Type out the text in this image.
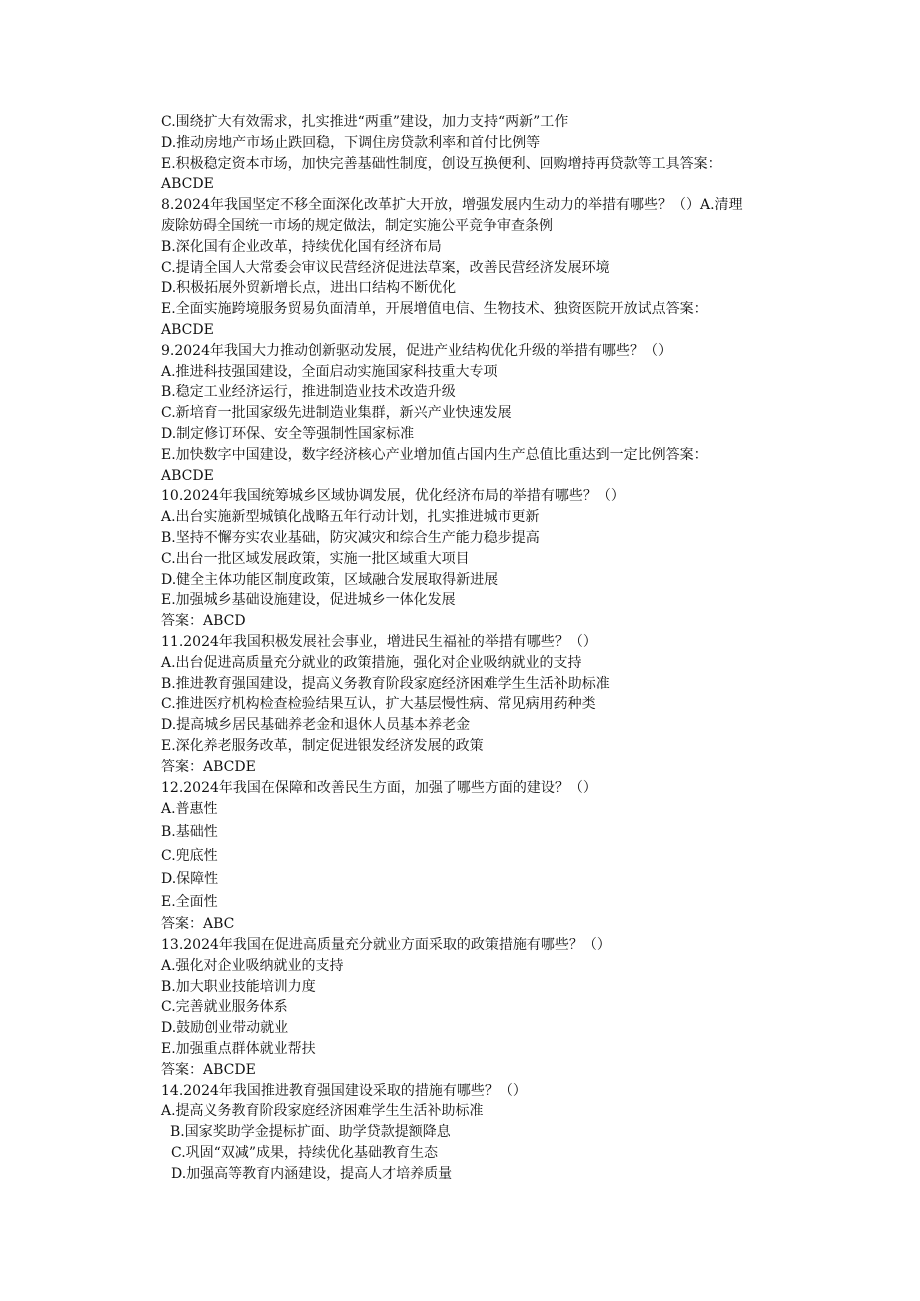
C.围绕扩大有效需求，扎实推进“两重”建设，加力支持“两新”工作
D.推动房地产市场止跌回稳，下调住房贷款利率和首付比例等
E.积极稳定资本市场，加快完善基础性制度，创设互换便利、回购增持再贷款等工具答案：
ABCDE
8.2024年我国坚定不移全面深化改革扩大开放，增强发展内生动力的举措有哪些？（）A.清理
废除妨碍全国统一市场的规定做法，制定实施公平竞争审查条例
B.深化国有企业改革，持续优化国有经济布局
C.提请全国人大常委会审议民营经济促进法草案，改善民营经济发展环境
D.积极拓展外贸新增长点，进出口结构不断优化
E.全面实施跨境服务贸易负面清单，开展增值电信、生物技术、独资医院开放试点答案：
ABCDE
9.2024年我国大力推动创新驱动发展，促进产业结构优化升级的举措有哪些？（）
A.推进科技强国建设，全面启动实施国家科技重大专项
B.稳定工业经济运行，推进制造业技术改造升级
C.新培育一批国家级先进制造业集群，新兴产业快速发展
D.制定修订环保、安全等强制性国家标准
E.加快数字中国建设，数字经济核心产业增加值占国内生产总值比重达到一定比例答案：
ABCDE
10.2024年我国统筹城乡区域协调发展，优化经济布局的举措有哪些？（）
A.出台实施新型城镇化战略五年行动计划，扎实推进城市更新
B.坚持不懈夯实农业基础，防灾减灾和综合生产能力稳步提高
C.出台一批区域发展政策，实施一批区域重大项目
D.健全主体功能区制度政策，区域融合发展取得新进展
E.加强城乡基础设施建设，促进城乡一体化发展
答案：ABCD
11.2024年我国积极发展社会事业，增进民生福祉的举措有哪些？（）
A.出台促进高质量充分就业的政策措施，强化对企业吸纳就业的支持
B.推进教育强国建设，提高义务教育阶段家庭经济困难学生生活补助标准
C.推进医疗机构检查检验结果互认，扩大基层慢性病、常见病用药种类
D.提高城乡居民基础养老金和退休人员基本养老金
E.深化养老服务改革，制定促进银发经济发展的政策
答案：ABCDE
12.2024年我国在保障和改善民生方面，加强了哪些方面的建设？（）
A.普惠性
B.基础性
C.兜底性
D.保障性
E.全面性
答案：ABC
13.2024年我国在促进高质量充分就业方面采取的政策措施有哪些？（）
A.强化对企业吸纳就业的支持
B.加大职业技能培训力度
C.完善就业服务体系
D.鼓励创业带动就业
E.加强重点群体就业帮扶
答案：ABCDE
14.2024年我国推进教育强国建设采取的措施有哪些？（）
A.提高义务教育阶段家庭经济困难学生生活补助标准
B.国家奖助学金提标扩面、助学贷款提额降息
C.巩固“双减”成果，持续优化基础教育生态
D.加强高等教育内涵建设，提高人才培养质量
